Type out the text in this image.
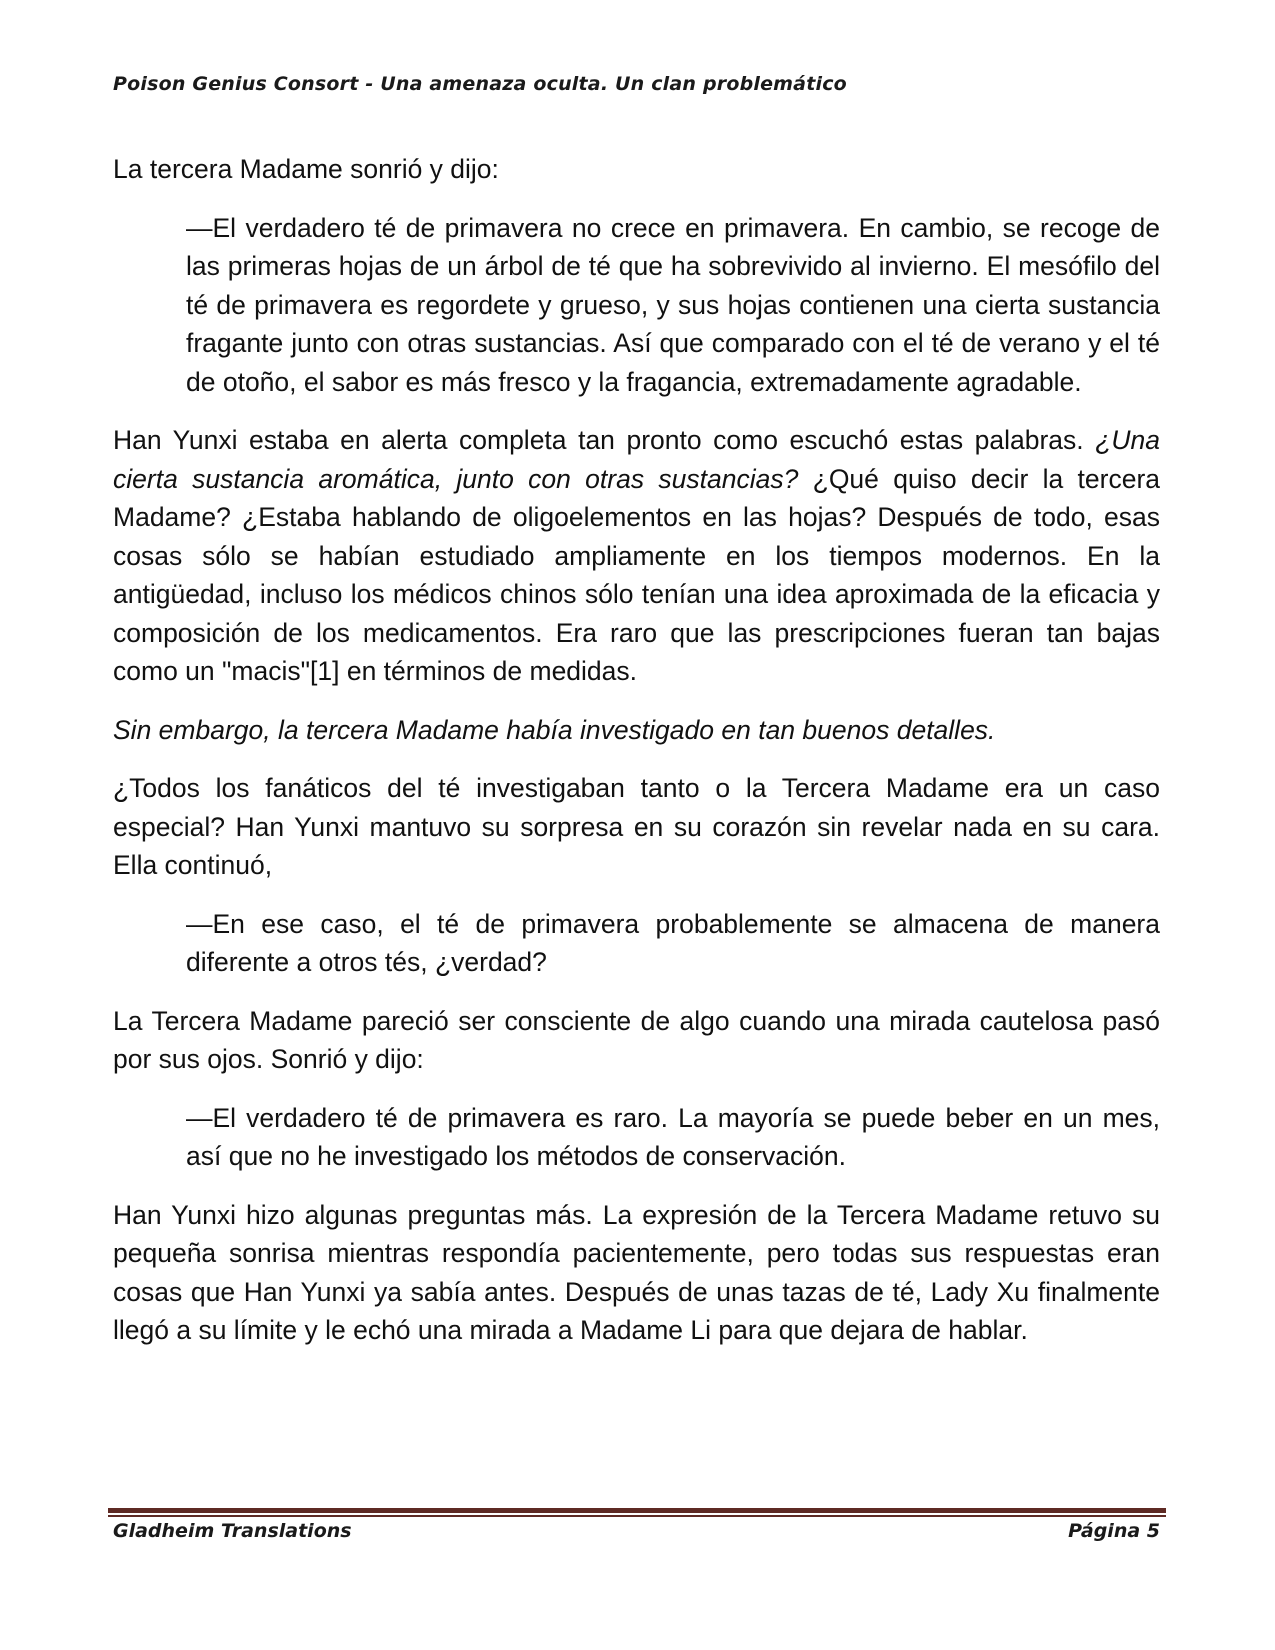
Poison Genius Consort - Una amenaza oculta. Un clan problemático

La tercera Madame sonrió y dijo:

—El verdadero té de primavera no crece en primavera. En cambio, se recoge de las primeras hojas de un árbol de té que ha sobrevivido al invierno. El mesófilo del té de primavera es regordete y grueso, y sus hojas contienen una cierta sustancia fragante junto con otras sustancias. Así que comparado con el té de verano y el té de otoño, el sabor es más fresco y la fragancia, extremadamente agradable.

Han Yunxi estaba en alerta completa tan pronto como escuchó estas palabras. ¿Una cierta sustancia aromática, junto con otras sustancias? ¿Qué quiso decir la tercera Madame? ¿Estaba hablando de oligoelementos en las hojas? Después de todo, esas cosas sólo se habían estudiado ampliamente en los tiempos modernos. En la antigüedad, incluso los médicos chinos sólo tenían una idea aproximada de la eficacia y composición de los medicamentos. Era raro que las prescripciones fueran tan bajas como un "macis"[1] en términos de medidas.

Sin embargo, la tercera Madame había investigado en tan buenos detalles.

¿Todos los fanáticos del té investigaban tanto o la Tercera Madame era un caso especial? Han Yunxi mantuvo su sorpresa en su corazón sin revelar nada en su cara. Ella continuó,

—En ese caso, el té de primavera probablemente se almacena de manera diferente a otros tés, ¿verdad?

La Tercera Madame pareció ser consciente de algo cuando una mirada cautelosa pasó por sus ojos. Sonrió y dijo:

—El verdadero té de primavera es raro. La mayoría se puede beber en un mes, así que no he investigado los métodos de conservación.

Han Yunxi hizo algunas preguntas más. La expresión de la Tercera Madame retuvo su pequeña sonrisa mientras respondía pacientemente, pero todas sus respuestas eran cosas que Han Yunxi ya sabía antes. Después de unas tazas de té, Lady Xu finalmente llegó a su límite y le echó una mirada a Madame Li para que dejara de hablar.

Gladheim Translations	Página 5
